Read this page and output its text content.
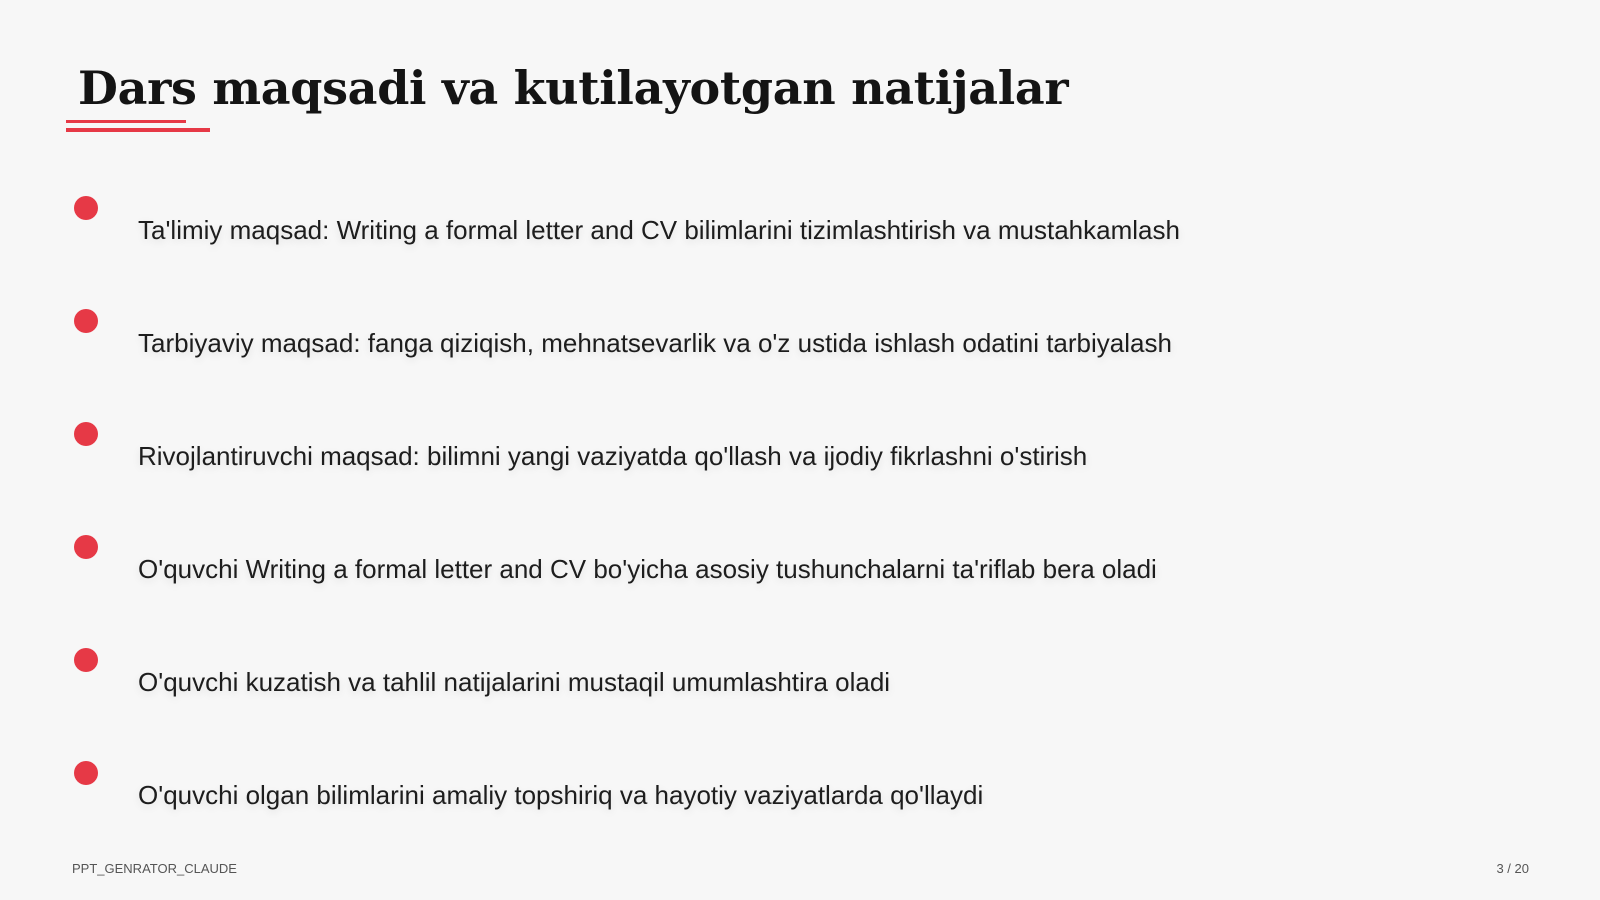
Dars maqsadi va kutilayotgan natijalar
Ta'limiy maqsad: Writing a formal letter and CV bilimlarini tizimlashtirish va mustahkamlash
Tarbiyaviy maqsad: fanga qiziqish, mehnatsevarlik va o'z ustida ishlash odatini tarbiyalash
Rivojlantiruvchi maqsad: bilimni yangi vaziyatda qo'llash va ijodiy fikrlashni o'stirish
O'quvchi Writing a formal letter and CV bo'yicha asosiy tushunchalarni ta'riflab bera oladi
O'quvchi kuzatish va tahlil natijalarini mustaqil umumlashtira oladi
O'quvchi olgan bilimlarini amaliy topshiriq va hayotiy vaziyatlarda qo'llaydi
PPT_GENRATOR_CLAUDE	3 / 20
